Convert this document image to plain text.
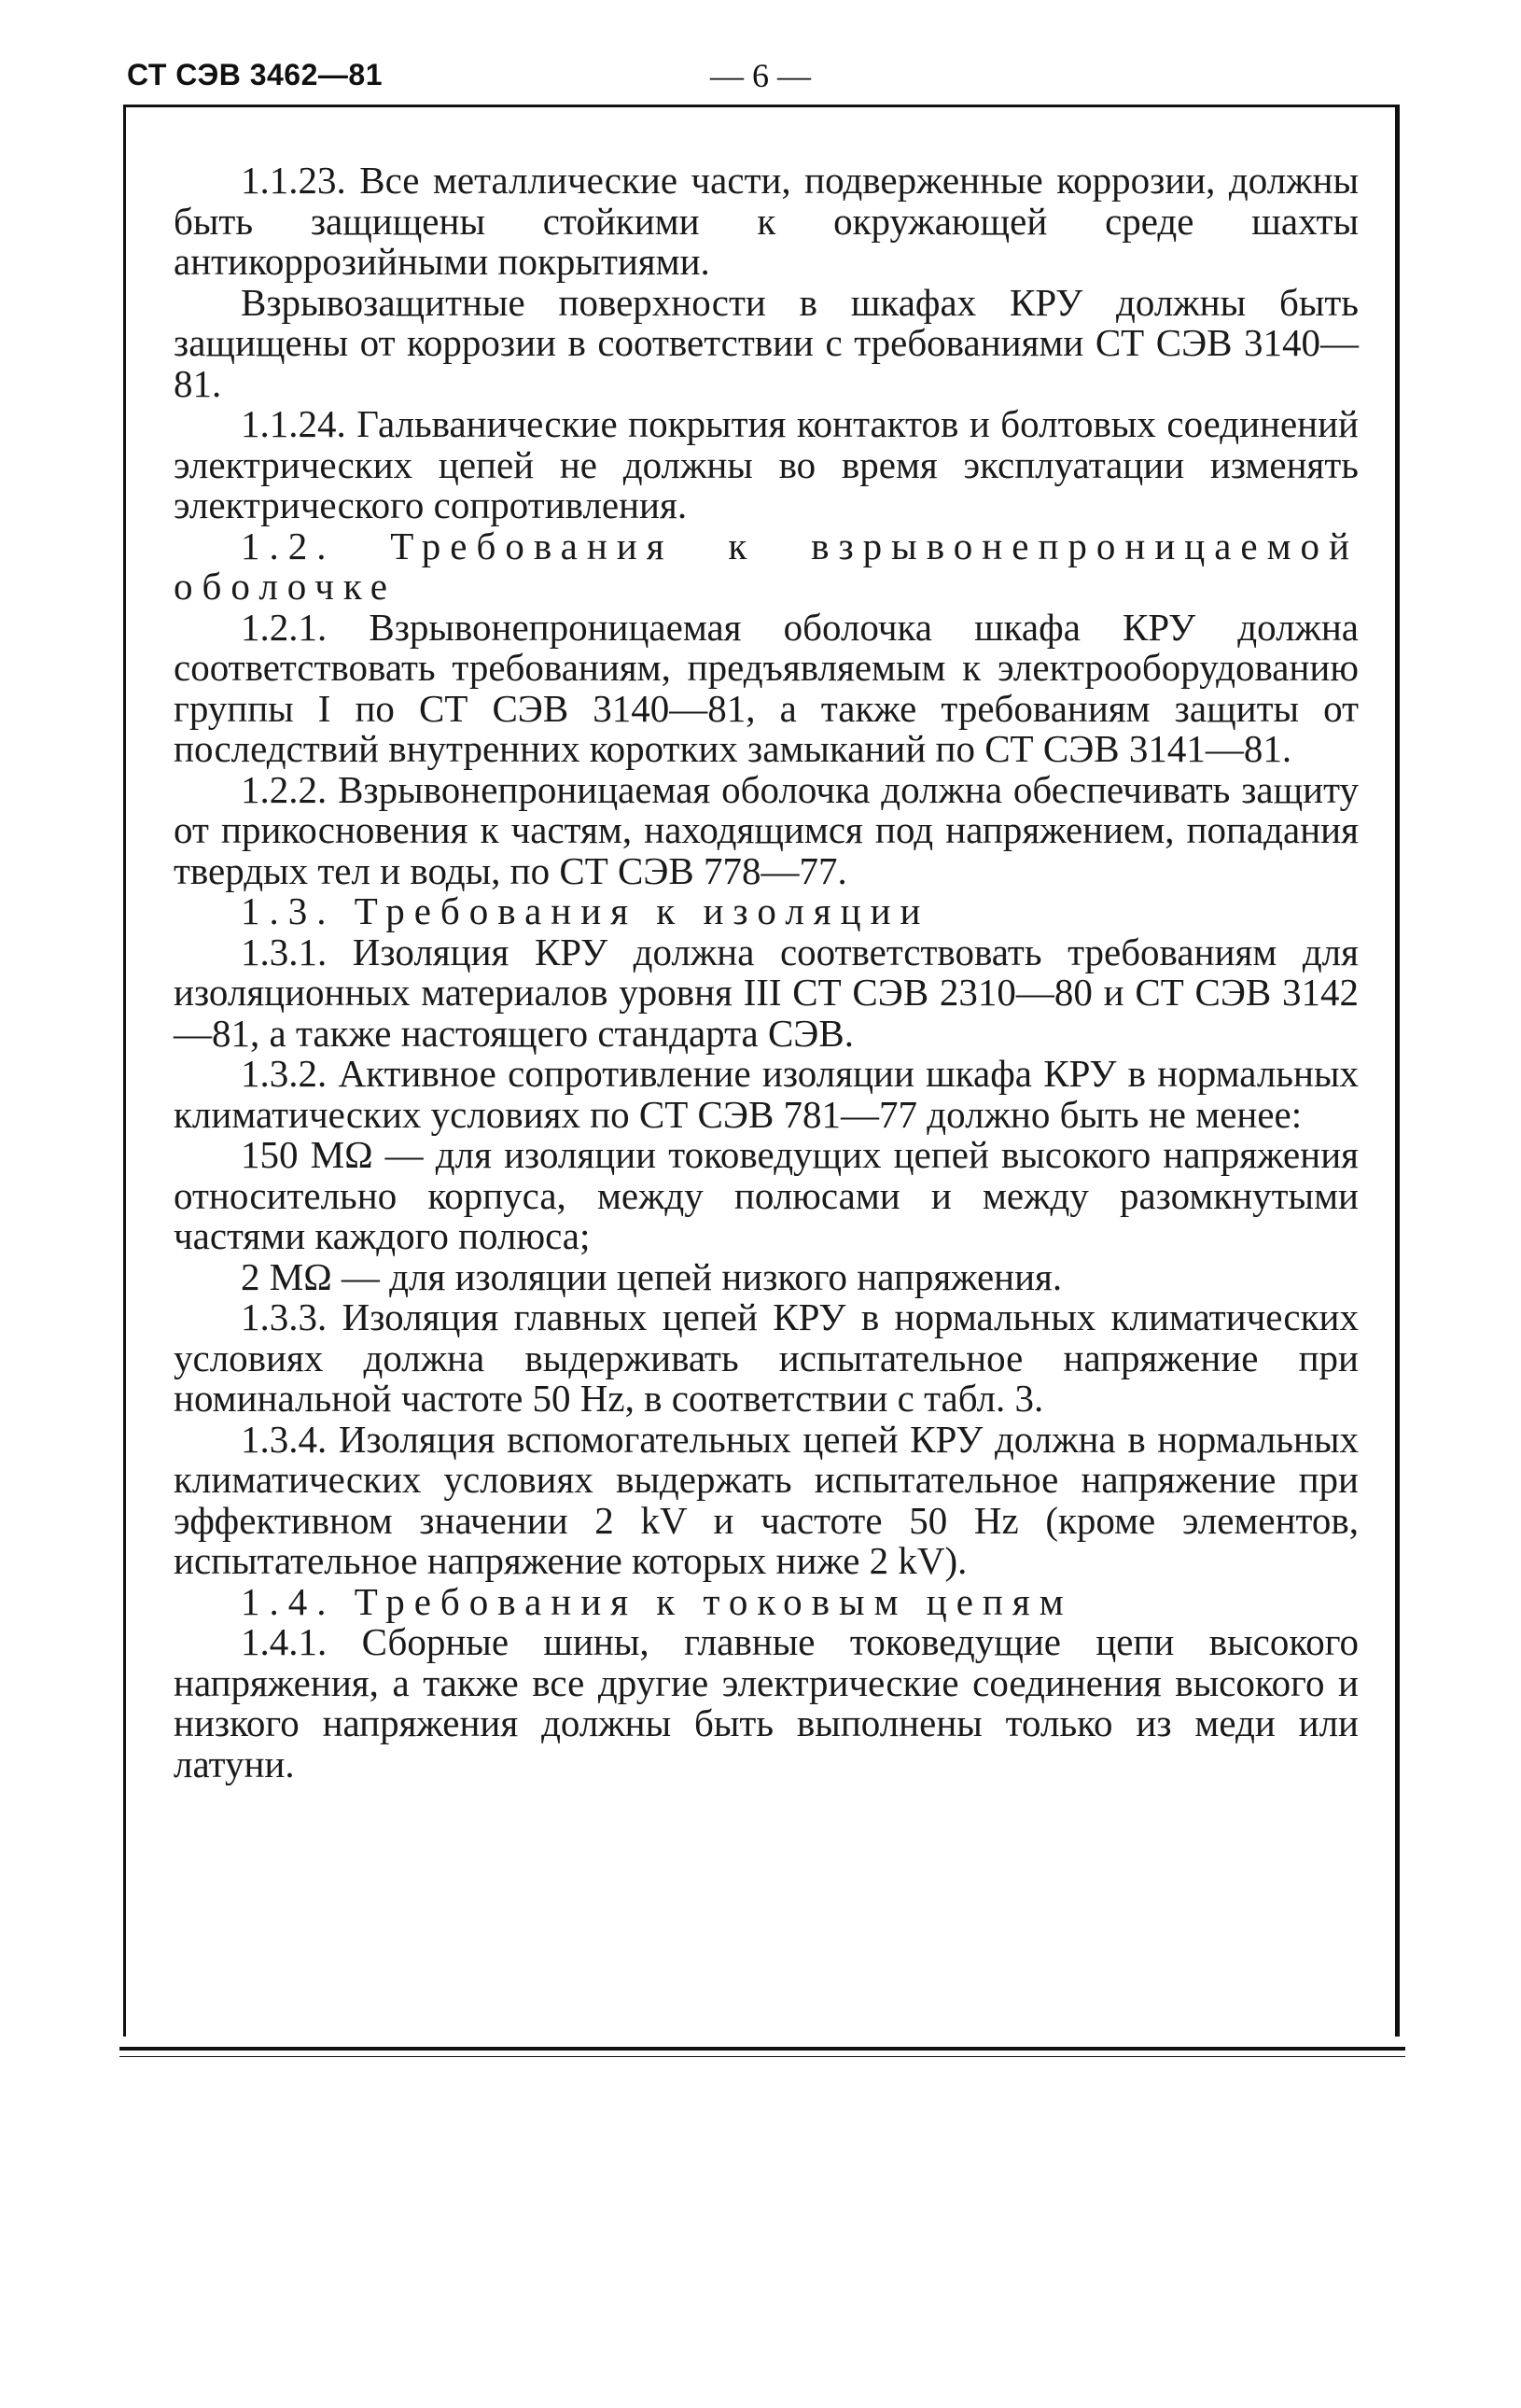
СТ СЭВ 3462—81	— 6 —

1.1.23. Все металлические части, подверженные коррозии, должны быть защищены стойкими к окружающей среде шахты антикоррозийными покрытиями.

Взрывозащитные поверхности в шкафах КРУ должны быть защищены от коррозии в соответствии с требованиями СТ СЭВ 3140—81.

1.1.24. Гальванические покрытия контактов и болтовых соединений электрических цепей не должны во время эксплуатации изменять электрического сопротивления.

1.2. Требования к взрывонепроницаемой оболочке

1.2.1. Взрывонепроницаемая оболочка шкафа КРУ должна соответствовать требованиям, предъявляемым к электрооборудованию группы I по СТ СЭВ 3140—81, а также требованиям защиты от последствий внутренних коротких замыканий по СТ СЭВ 3141—81.

1.2.2. Взрывонепроницаемая оболочка должна обеспечивать защиту от прикосновения к частям, находящимся под напряжением, попадания твердых тел и воды, по СТ СЭВ 778—77.

1.3. Требования к изоляции

1.3.1. Изоляция КРУ должна соответствовать требованиям для изоляционных материалов уровня III СТ СЭВ 2310—80 и СТ СЭВ 3142—81, а также настоящего стандарта СЭВ.

1.3.2. Активное сопротивление изоляции шкафа КРУ в нормальных климатических условиях по СТ СЭВ 781—77 должно быть не менее:

150 MΩ — для изоляции токоведущих цепей высокого напряжения относительно корпуса, между полюсами и между разомкнутыми частями каждого полюса;

2 MΩ — для изоляции цепей низкого напряжения.

1.3.3. Изоляция главных цепей КРУ в нормальных климатических условиях должна выдерживать испытательное напряжение при номинальной частоте 50 Hz, в соответствии с табл. 3.

1.3.4. Изоляция вспомогательных цепей КРУ должна в нормальных климатических условиях выдержать испытательное напряжение при эффективном значении 2 kV и частоте 50 Hz (кроме элементов, испытательное напряжение которых ниже 2 kV).

1.4. Требования к токовым цепям

1.4.1. Сборные шины, главные токоведущие цепи высокого напряжения, а также все другие электрические соединения высокого и низкого напряжения должны быть выполнены только из меди или латуни.
